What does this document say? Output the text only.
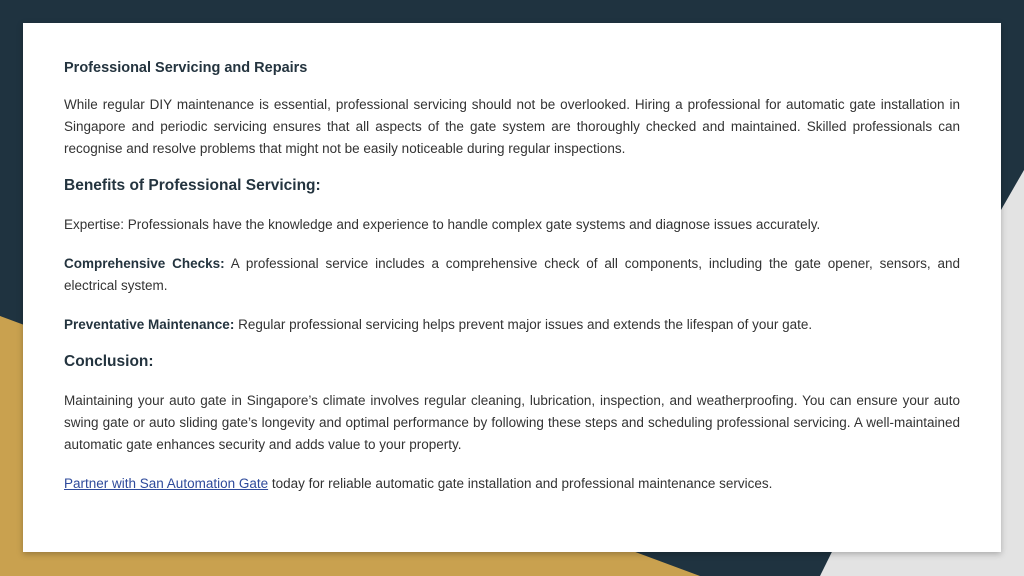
Professional Servicing and Repairs

While regular DIY maintenance is essential, professional servicing should not be overlooked. Hiring a professional for automatic gate installation in Singapore and periodic servicing ensures that all aspects of the gate system are thoroughly checked and maintained. Skilled professionals can recognise and resolve problems that might not be easily noticeable during regular inspections.

Benefits of Professional Servicing:

Expertise: Professionals have the knowledge and experience to handle complex gate systems and diagnose issues accurately.

Comprehensive Checks: A professional service includes a comprehensive check of all components, including the gate opener, sensors, and electrical system.

Preventative Maintenance: Regular professional servicing helps prevent major issues and extends the lifespan of your gate.

Conclusion:

Maintaining your auto gate in Singapore’s climate involves regular cleaning, lubrication, inspection, and weatherproofing. You can ensure your auto swing gate or auto sliding gate’s longevity and optimal performance by following these steps and scheduling professional servicing. A well-maintained automatic gate enhances security and adds value to your property.

Partner with San Automation Gate today for reliable automatic gate installation and professional maintenance services.
